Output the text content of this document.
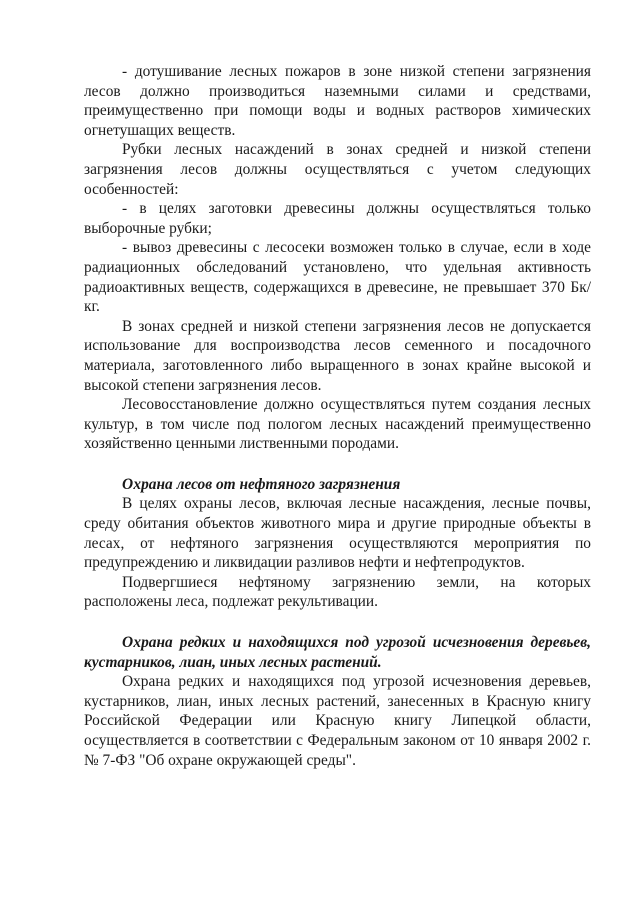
- дотушивание лесных пожаров в зоне низкой степени загрязнения лесов должно производиться наземными силами и средствами, преимущественно при помощи воды и водных растворов химических огнетушащих веществ.

Рубки лесных насаждений в зонах средней и низкой степени загрязнения лесов должны осуществляться с учетом следующих особенностей:

- в целях заготовки древесины должны осуществляться только выборочные рубки;

- вывоз древесины с лесосеки возможен только в случае, если в ходе радиационных обследований установлено, что удельная активность радиоактивных веществ, содержащихся в древесине, не превышает 370 Бк/кг.

В зонах средней и низкой степени загрязнения лесов не допускается использование для воспроизводства лесов семенного и посадочного материала, заготовленного либо выращенного в зонах крайне высокой и высокой степени загрязнения лесов.

Лесовосстановление должно осуществляться путем создания лесных культур, в том числе под пологом лесных насаждений преимущественно хозяйственно ценными лиственными породами.

Охрана лесов от нефтяного загрязнения

В целях охраны лесов, включая лесные насаждения, лесные почвы, среду обитания объектов животного мира и другие природные объекты в лесах, от нефтяного загрязнения осуществляются мероприятия по предупреждению и ликвидации разливов нефти и нефтепродуктов.

Подвергшиеся нефтяному загрязнению земли, на которых расположены леса, подлежат рекультивации.

Охрана редких и находящихся под угрозой исчезновения деревьев, кустарников, лиан, иных лесных растений.

Охрана редких и находящихся под угрозой исчезновения деревьев, кустарников, лиан, иных лесных растений, занесенных в Красную книгу Российской Федерации или Красную книгу Липецкой области, осуществляется в соответствии с Федеральным законом от 10 января 2002 г.№ 7-ФЗ "Об охране окружающей среды".
